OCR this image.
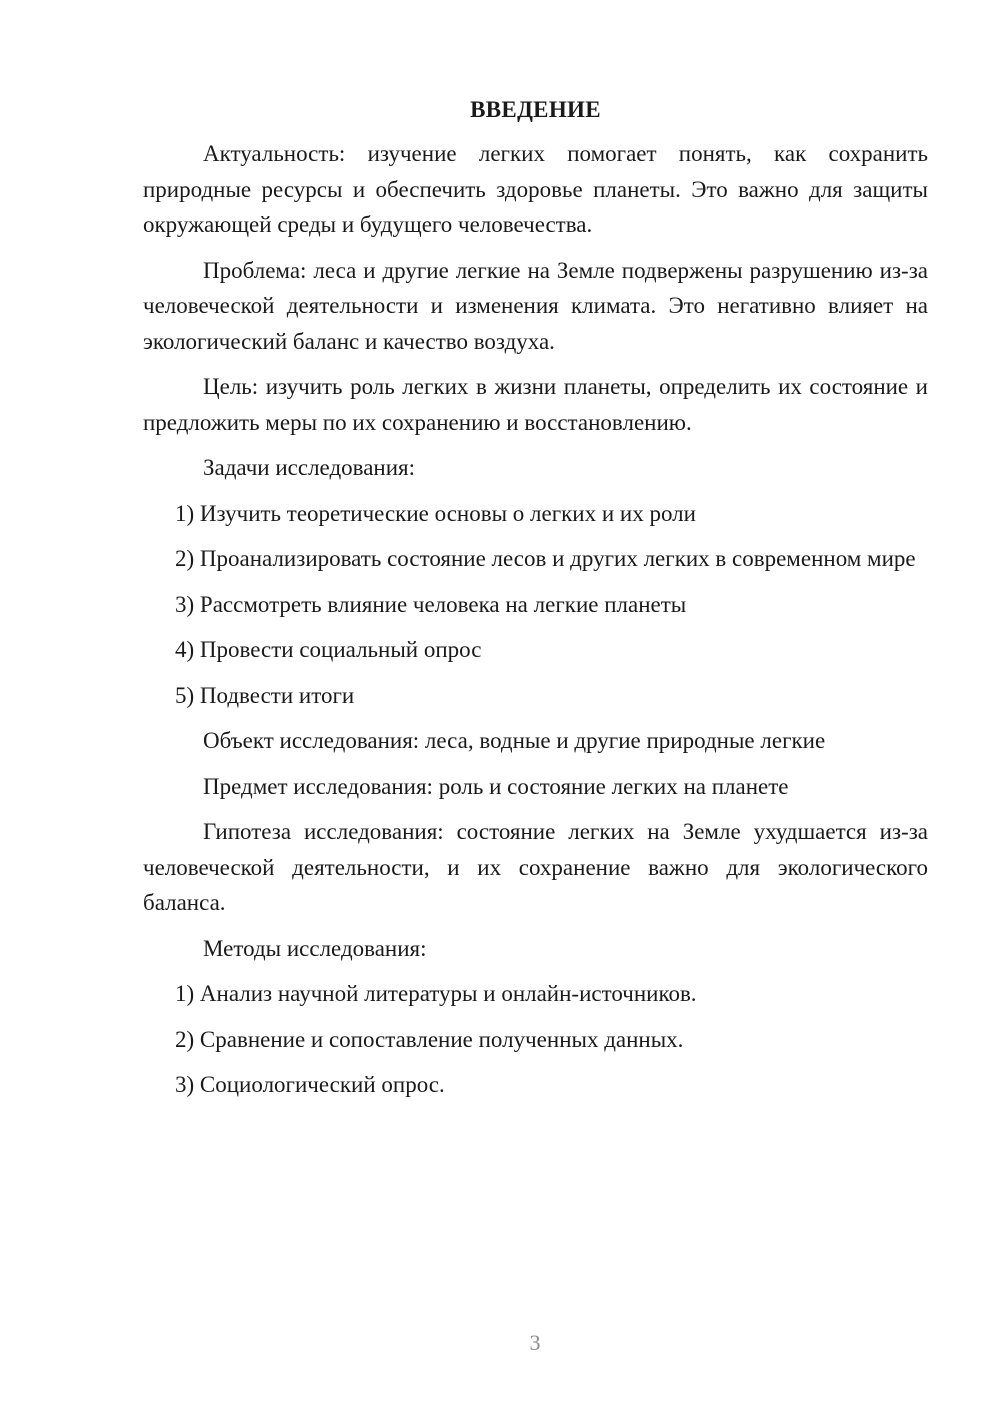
ВВЕДЕНИЕ

Актуальность: изучение легких помогает понять, как сохранить природные ресурсы и обеспечить здоровье планеты. Это важно для защиты окружающей среды и будущего человечества.

Проблема: леса и другие легкие на Земле подвержены разрушению из-за человеческой деятельности и изменения климата. Это негативно влияет на экологический баланс и качество воздуха.

Цель: изучить роль легких в жизни планеты, определить их состояние и предложить меры по их сохранению и восстановлению.

Задачи исследования:

1) Изучить теоретические основы о легких и их роли

2) Проанализировать состояние лесов и других легких в современном мире

3) Рассмотреть влияние человека на легкие планеты

4) Провести социальный опрос

5) Подвести итоги

Объект исследования: леса, водные и другие природные легкие

Предмет исследования: роль и состояние легких на планете

Гипотеза исследования: состояние легких на Земле ухудшается из-за человеческой деятельности, и их сохранение важно для экологического баланса.

Методы исследования:

1) Анализ научной литературы и онлайн-источников.

2) Сравнение и сопоставление полученных данных.

3) Социологический опрос.

3
